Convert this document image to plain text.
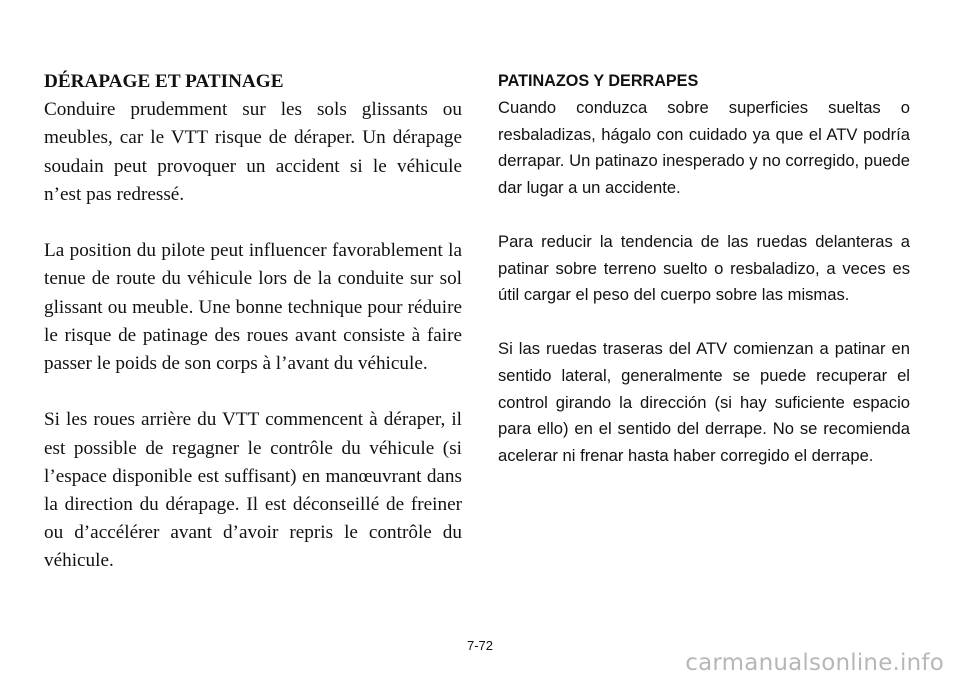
DÉRAPAGE ET PATINAGE

Conduire prudemment sur les sols glissants ou meubles, car le VTT risque de déraper. Un dérapage soudain peut provoquer un accident si le véhicule n’est pas redressé.

La position du pilote peut influencer favorablement la tenue de route du véhicule lors de la conduite sur sol glissant ou meuble. Une bonne technique pour réduire le risque de patinage des roues avant consiste à faire passer le poids de son corps à l’avant du véhicule.

Si les roues arrière du VTT commencent à déraper, il est possible de regagner le contrôle du véhicule (si l’espace disponible est suffisant) en manœuvrant dans la direction du dérapage. Il est déconseillé de freiner ou d’accélérer avant d’avoir repris le contrôle du véhicule.

PATINAZOS Y DERRAPES

Cuando conduzca sobre superficies sueltas o resbaladizas, hágalo con cuidado ya que el ATV podría derrapar. Un patinazo inesperado y no corregido, puede dar lugar a un accidente.

Para reducir la tendencia de las ruedas delanteras a patinar sobre terreno suelto o resbaladizo, a veces es útil cargar el peso del cuerpo sobre las mismas.

Si las ruedas traseras del ATV comienzan a patinar en sentido lateral, generalmente se puede recuperar el control girando la dirección (si hay suficiente espacio para ello) en el sentido del derrape. No se recomienda acelerar ni frenar hasta haber corregido el derrape.

7-72
carmanualsonline.info
